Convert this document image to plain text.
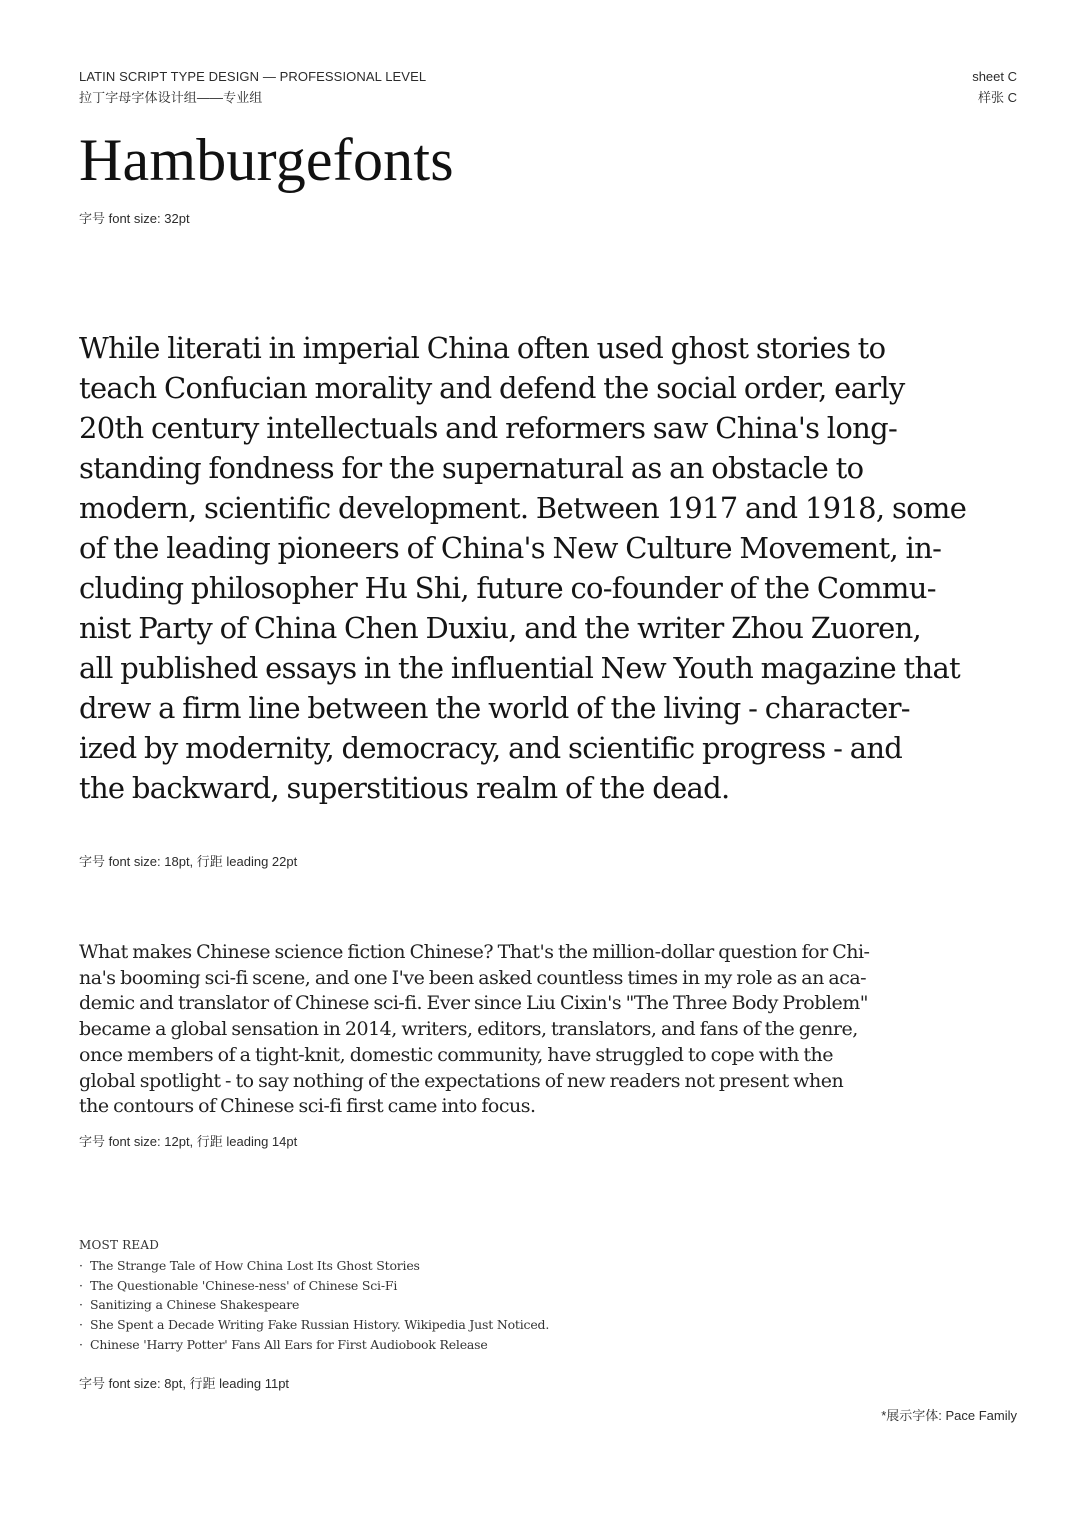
LATIN SCRIPT TYPE DESIGN — PROFESSIONAL LEVEL
拉丁字母字体设计组——专业组
sheet C
样张 C
Hamburgefonts
字号 font size: 32pt
While literati in imperial China often used ghost stories to
teach Confucian morality and defend the social order, early
20th century intellectuals and reformers saw China's long-
standing fondness for the supernatural as an obstacle to
modern, scientific development. Between 1917 and 1918, some
of the leading pioneers of China's New Culture Movement, in-
cluding philosopher Hu Shi, future co-founder of the Commu-
nist Party of China Chen Duxiu, and the writer Zhou Zuoren,
all published essays in the influential New Youth magazine that
drew a firm line between the world of the living - character-
ized by modernity, democracy, and scientific progress - and
the backward, superstitious realm of the dead.
字号 font size: 18pt, 行距 leading 22pt
What makes Chinese science fiction Chinese? That's the million-dollar question for Chi-
na's booming sci-fi scene, and one I've been asked countless times in my role as an aca-
demic and translator of Chinese sci-fi. Ever since Liu Cixin's "The Three Body Problem"
became a global sensation in 2014, writers, editors, translators, and fans of the genre,
once members of a tight-knit, domestic community, have struggled to cope with the
global spotlight - to say nothing of the expectations of new readers not present when
the contours of Chinese sci-fi first came into focus.
字号 font size: 12pt, 行距 leading 14pt
MOST READ
· The Strange Tale of How China Lost Its Ghost Stories
· The Questionable 'Chinese-ness' of Chinese Sci-Fi
· Sanitizing a Chinese Shakespeare
· She Spent a Decade Writing Fake Russian History. Wikipedia Just Noticed.
· Chinese 'Harry Potter' Fans All Ears for First Audiobook Release
字号 font size: 8pt, 行距 leading 11pt
*展示字体: Pace Family
